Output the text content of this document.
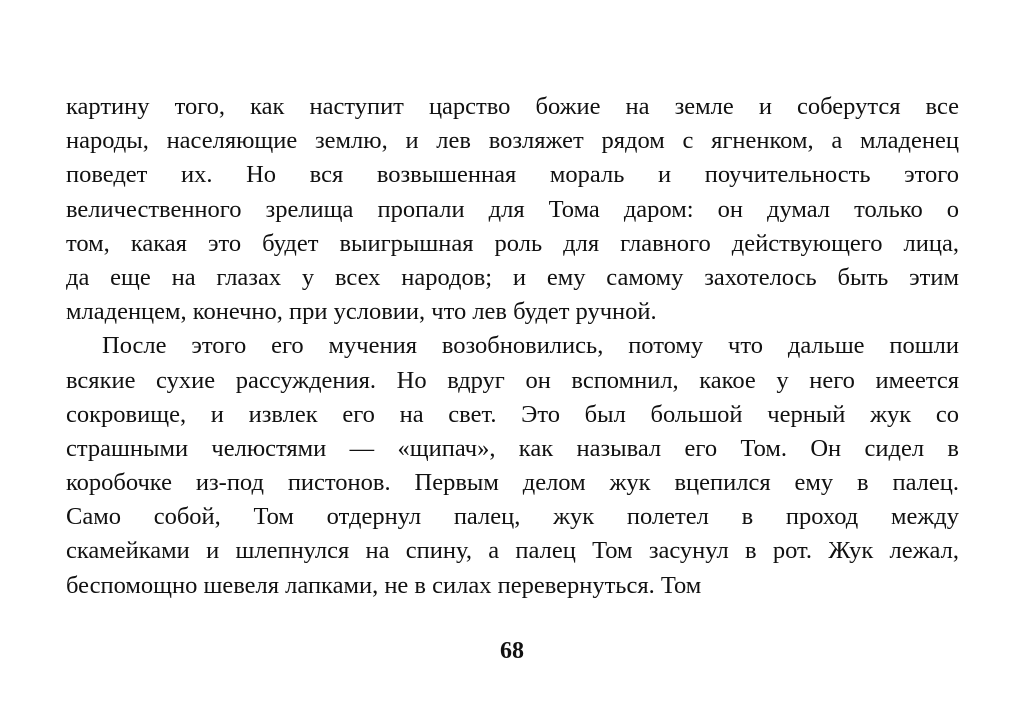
картину того, как наступит царство божие на земле и соберутся все
народы, населяющие землю, и лев возляжет рядом с ягненком, а младенец
поведет их. Но вся возвышенная мораль и поучительность этого
величественного зрелища пропали для Тома даром: он думал только о
том, какая это будет выигрышная роль для главного действующего лица,
да еще на глазах у всех народов; и ему самому захотелось быть этим
младенцем, конечно, при условии, что лев будет ручной.
После этого его мучения возобновились, потому что дальше пошли
всякие сухие рассуждения. Но вдруг он вспомнил, какое у него имеется
сокровище, и извлек его на свет. Это был большой черный жук со
страшными челюстями — «щипач», как называл его Том. Он сидел в
коробочке из-под пистонов. Первым делом жук вцепился ему в палец.
Само собой, Том отдернул палец, жук полетел в проход между
скамейками и шлепнулся на спину, а палец Том засунул в рот. Жук лежал,
беспомощно шевеля лапками, не в силах перевернуться. Том
68
